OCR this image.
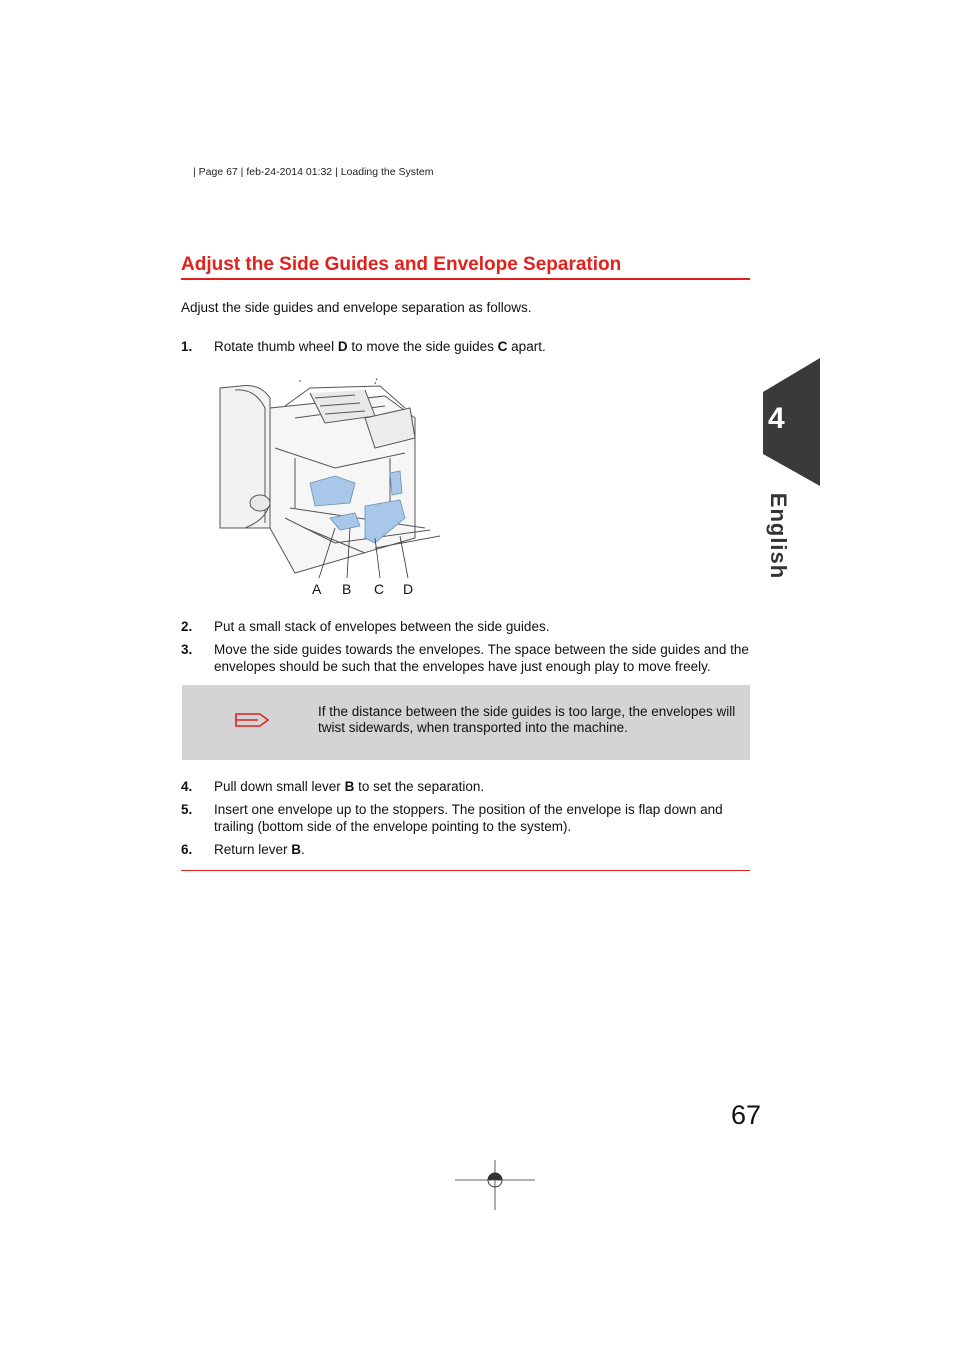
| Page 67 | feb-24-2014 01:32 | Loading the System
Adjust the Side Guides and Envelope Separation
Adjust the side guides and envelope separation as follows.
1. Rotate thumb wheel D to move the side guides C apart.
A B C D
2. Put a small stack of envelopes between the side guides.
3. Move the side guides towards the envelopes. The space between the side guides and the envelopes should be such that the envelopes have just enough play to move freely.
If the distance between the side guides is too large, the envelopes will twist sidewards, when transported into the machine.
4. Pull down small lever B to set the separation.
5. Insert one envelope up to the stoppers. The position of the envelope is flap down and trailing (bottom side of the envelope pointing to the system).
6. Return lever B.
4
English
67
